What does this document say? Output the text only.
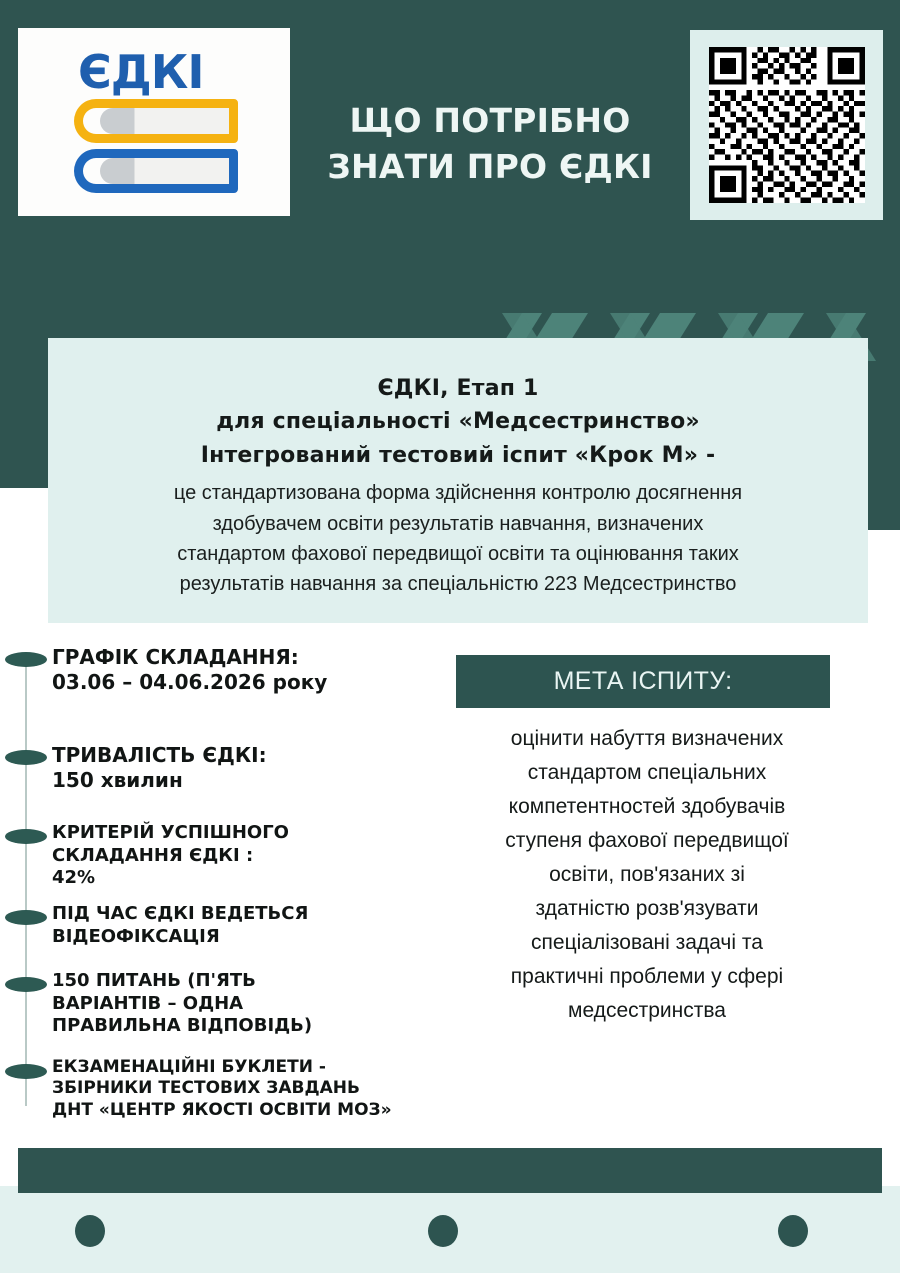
ЄДКІ
ЩО ПОТРІБНО
ЗНАТИ ПРО ЄДКІ
ЄДКІ, Етап 1
для спеціальності «Медсестринство»
Інтегрований тестовий іспит «Крок М» -
це стандартизована форма здійснення контролю досягнення
здобувачем освіти результатів навчання, визначених
стандартом фахової передвищої освіти та оцінювання таких
результатів навчання за спеціальністю 223 Медсестринство
ГРАФІК СКЛАДАННЯ:
03.06 – 04.06.2026 року
ТРИВАЛІСТЬ ЄДКІ:
150 хвилин
КРИТЕРІЙ УСПІШНОГО
СКЛАДАННЯ ЄДКІ :
42%
ПІД ЧАС ЄДКІ ВЕДЕТЬСЯ
ВІДЕОФІКСАЦІЯ
150 ПИТАНЬ (П'ЯТЬ
ВАРІАНТІВ – ОДНА
ПРАВИЛЬНА ВІДПОВІДЬ)
ЕКЗАМЕНАЦІЙНІ БУКЛЕТИ -
ЗБІРНИКИ ТЕСТОВИХ ЗАВДАНЬ
ДНТ «ЦЕНТР ЯКОСТІ ОСВІТИ МОЗ»
МЕТА ІСПИТУ:
оцінити набуття визначених
стандартом спеціальних
компетентностей здобувачів
ступеня фахової передвищої
освіти, пов'язаних зі
здатністю розв'язувати
спеціалізовані задачі та
практичні проблеми у сфері
медсестринства
